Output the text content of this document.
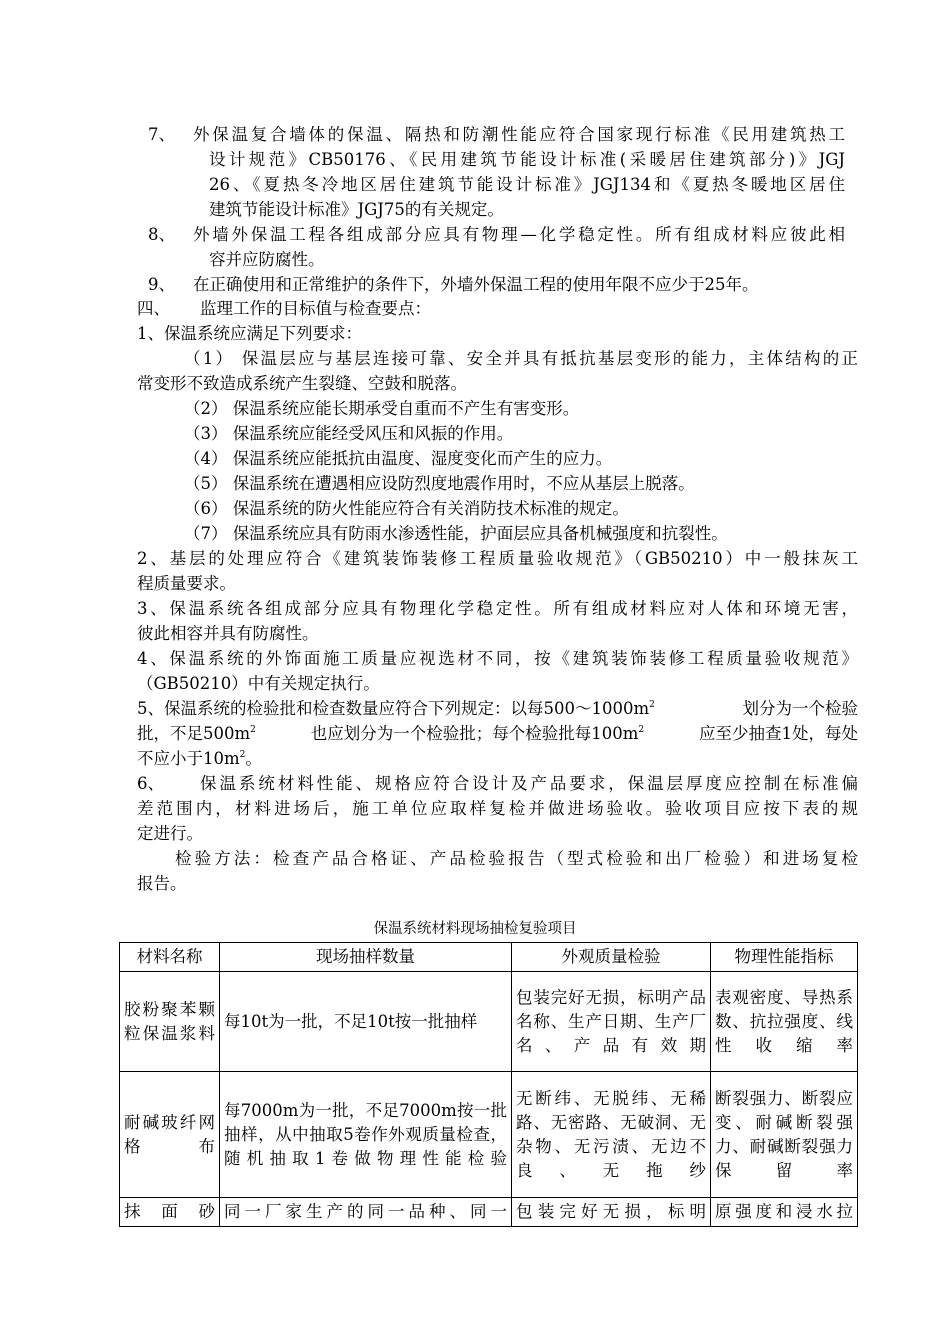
7、 外保温复合墙体的保温、隔热和防潮性能应符合国家现行标准《民用建筑热工
设计规范》CB50176、《民用建筑节能设计标准(采暖居住建筑部分)》JGJ
26、《夏热冬冷地区居住建筑节能设计标准》JGJ134和《夏热冬暖地区居住
建筑节能设计标准》JGJ75的有关规定。
8、 外墙外保温工程各组成部分应具有物理—化学稳定性。所有组成材料应彼此相
容并应防腐性。
9、 在正确使用和正常维护的条件下，外墙外保温工程的使用年限不应少于25年。
四、 监理工作的目标值与检查要点：
1、保温系统应满足下列要求：
（1） 保温层应与基层连接可靠、安全并具有抵抗基层变形的能力，主体结构的正
常变形不致造成系统产生裂缝、空鼓和脱落。
（2） 保温系统应能长期承受自重而不产生有害变形。
（3） 保温系统应能经受风压和风振的作用。
（4） 保温系统应能抵抗由温度、湿度变化而产生的应力。
（5） 保温系统在遭遇相应设防烈度地震作用时，不应从基层上脱落。
（6） 保温系统的防火性能应符合有关消防技术标准的规定。
（7） 保温系统应具有防雨水渗透性能，护面层应具备机械强度和抗裂性。
2、基层的处理应符合《建筑装饰装修工程质量验收规范》（GB50210）中一般抹灰工
程质量要求。
3、保温系统各组成部分应具有物理化学稳定性。所有组成材料应对人体和环境无害，
彼此相容并具有防腐性。
4、保温系统的外饰面施工质量应视选材不同，按《建筑装饰装修工程质量验收规范》
（GB50210）中有关规定执行。
5、保温系统的检验批和检查数量应符合下列规定：以每$500\sim 1000m^2$	划分为一个检验
批，不足$500m^2$	也应划分为一个检验批；每个检验批每$100m^2$	应至少抽查1处，每处
不应小于$10m^2$。
6、 保温系统材料性能、规格应符合设计及产品要求，保温层厚度应控制在标准偏
差范围内，材料进场后，施工单位应取样复检并做进场验收。验收项目应按下表的规
定进行。
检验方法：检查产品合格证、产品检验报告（型式检验和出厂检验）和进场复检
报告。
保温系统材料现场抽检复验项目
材料名称	现场抽样数量	外观质量检验	物理性能指标
胶粉聚苯颗粒保温浆料	每10t为一批，不足10t按一批抽样	包装完好无损，标明产品名称、生产日期、生产厂名、产品有效期	表观密度、导热系数、抗拉强度、线性收缩率
耐碱玻纤网格布	每7000m为一批，不足7000m按一批抽样，从中抽取5卷作外观质量检查，随机抽取1卷做物理性能检验	无断纬、无脱纬、无稀路、无密路、无破洞、无杂物、无污渍、无边不良、无拖纱	断裂强力、断裂应变、耐碱断裂强力、耐碱断裂强力保留率
抹面砂	同一厂家生产的同一品种、同一	包装完好无损，标明	原强度和浸水拉
